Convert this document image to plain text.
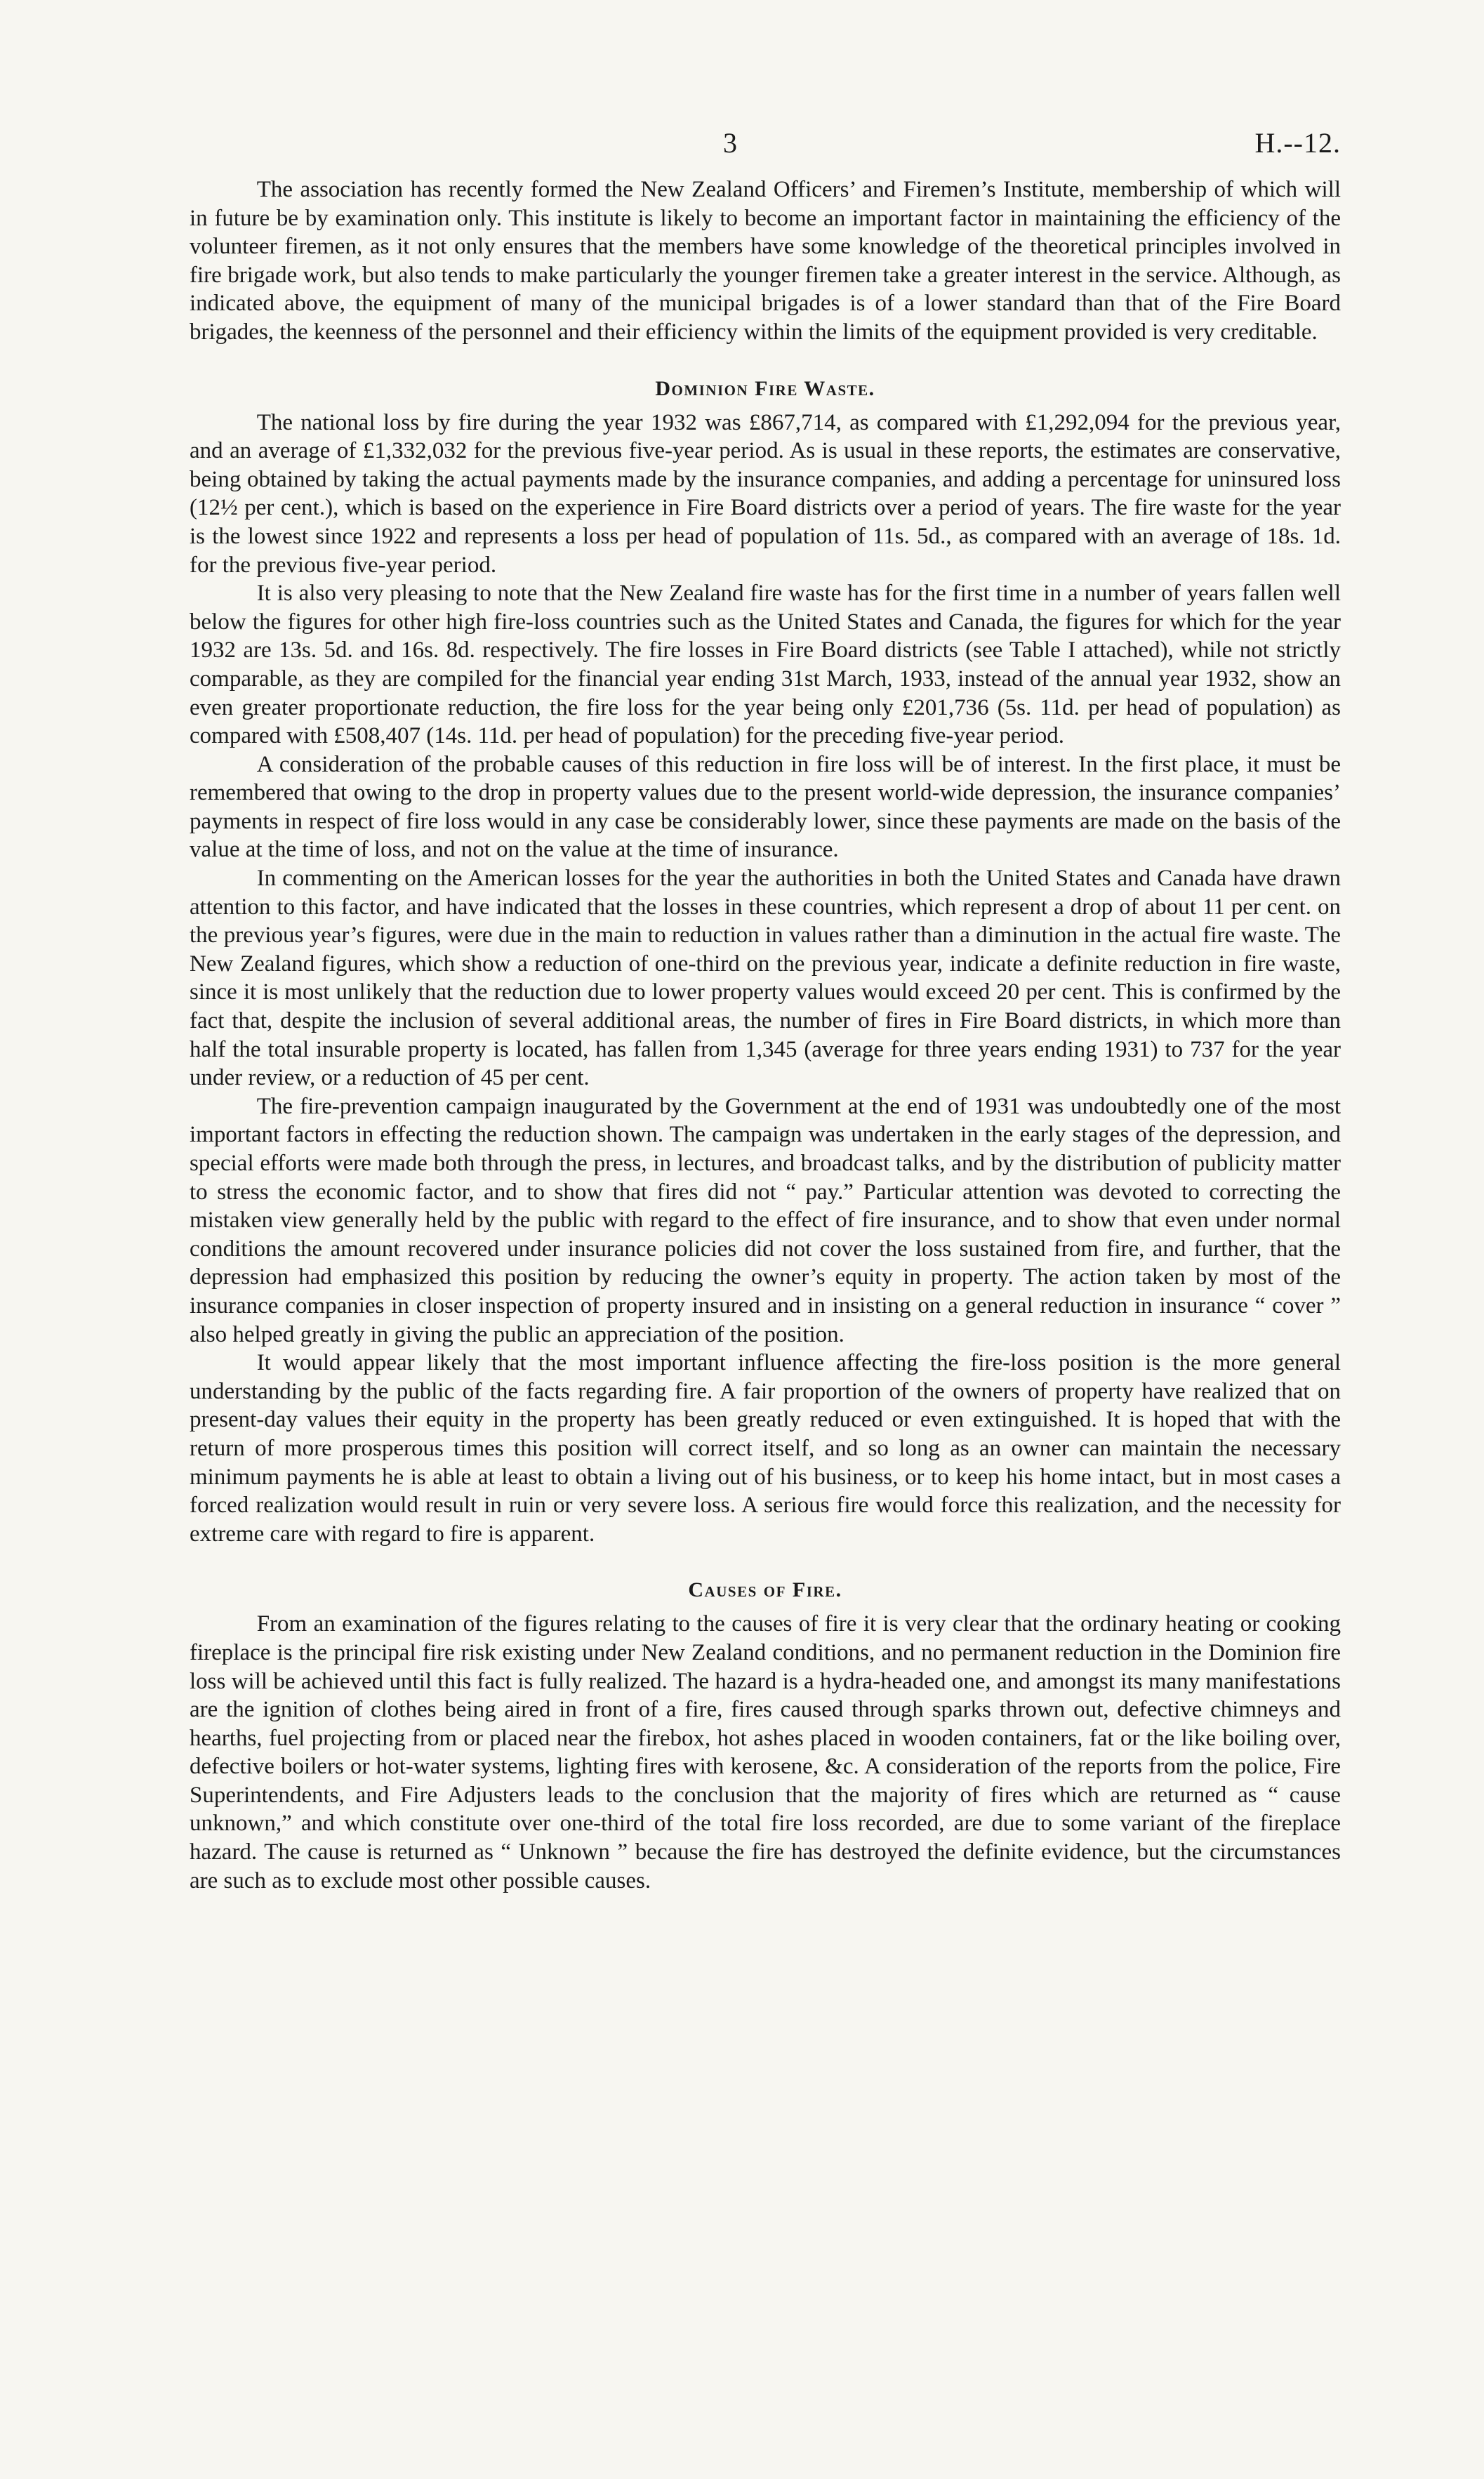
3	H.--12.

The association has recently formed the New Zealand Officers’ and Firemen’s Institute, membership of which will in future be by examination only. This institute is likely to become an important factor in maintaining the efficiency of the volunteer firemen, as it not only ensures that the members have some knowledge of the theoretical principles involved in fire brigade work, but also tends to make particularly the younger firemen take a greater interest in the service. Although, as indicated above, the equipment of many of the municipal brigades is of a lower standard than that of the Fire Board brigades, the keenness of the personnel and their efficiency within the limits of the equipment provided is very creditable.

Dominion Fire Waste.

The national loss by fire during the year 1932 was £867,714, as compared with £1,292,094 for the previous year, and an average of £1,332,032 for the previous five-year period. As is usual in these reports, the estimates are conservative, being obtained by taking the actual payments made by the insurance companies, and adding a percentage for uninsured loss (12½ per cent.), which is based on the experience in Fire Board districts over a period of years. The fire waste for the year is the lowest since 1922 and represents a loss per head of population of 11s. 5d., as compared with an average of 18s. 1d. for the previous five-year period.

It is also very pleasing to note that the New Zealand fire waste has for the first time in a number of years fallen well below the figures for other high fire-loss countries such as the United States and Canada, the figures for which for the year 1932 are 13s. 5d. and 16s. 8d. respectively. The fire losses in Fire Board districts (see Table I attached), while not strictly comparable, as they are compiled for the financial year ending 31st March, 1933, instead of the annual year 1932, show an even greater proportionate reduction, the fire loss for the year being only £201,736 (5s. 11d. per head of population) as compared with £508,407 (14s. 11d. per head of population) for the preceding five-year period.

A consideration of the probable causes of this reduction in fire loss will be of interest. In the first place, it must be remembered that owing to the drop in property values due to the present world-wide depression, the insurance companies’ payments in respect of fire loss would in any case be considerably lower, since these payments are made on the basis of the value at the time of loss, and not on the value at the time of insurance.

In commenting on the American losses for the year the authorities in both the United States and Canada have drawn attention to this factor, and have indicated that the losses in these countries, which represent a drop of about 11 per cent. on the previous year’s figures, were due in the main to reduction in values rather than a diminution in the actual fire waste. The New Zealand figures, which show a reduction of one-third on the previous year, indicate a definite reduction in fire waste, since it is most unlikely that the reduction due to lower property values would exceed 20 per cent. This is confirmed by the fact that, despite the inclusion of several additional areas, the number of fires in Fire Board districts, in which more than half the total insurable property is located, has fallen from 1,345 (average for three years ending 1931) to 737 for the year under review, or a reduction of 45 per cent.

The fire-prevention campaign inaugurated by the Government at the end of 1931 was undoubtedly one of the most important factors in effecting the reduction shown. The campaign was undertaken in the early stages of the depression, and special efforts were made both through the press, in lectures, and broadcast talks, and by the distribution of publicity matter to stress the economic factor, and to show that fires did not “ pay.” Particular attention was devoted to correcting the mistaken view generally held by the public with regard to the effect of fire insurance, and to show that even under normal conditions the amount recovered under insurance policies did not cover the loss sustained from fire, and further, that the depression had emphasized this position by reducing the owner’s equity in property. The action taken by most of the insurance companies in closer inspection of property insured and in insisting on a general reduction in insurance “ cover ” also helped greatly in giving the public an appreciation of the position.

It would appear likely that the most important influence affecting the fire-loss position is the more general understanding by the public of the facts regarding fire. A fair proportion of the owners of property have realized that on present-day values their equity in the property has been greatly reduced or even extinguished. It is hoped that with the return of more prosperous times this position will correct itself, and so long as an owner can maintain the necessary minimum payments he is able at least to obtain a living out of his business, or to keep his home intact, but in most cases a forced realization would result in ruin or very severe loss. A serious fire would force this realization, and the necessity for extreme care with regard to fire is apparent.

Causes of Fire.

From an examination of the figures relating to the causes of fire it is very clear that the ordinary heating or cooking fireplace is the principal fire risk existing under New Zealand conditions, and no permanent reduction in the Dominion fire loss will be achieved until this fact is fully realized. The hazard is a hydra-headed one, and amongst its many manifestations are the ignition of clothes being aired in front of a fire, fires caused through sparks thrown out, defective chimneys and hearths, fuel projecting from or placed near the firebox, hot ashes placed in wooden containers, fat or the like boiling over, defective boilers or hot-water systems, lighting fires with kerosene, &c. A consideration of the reports from the police, Fire Superintendents, and Fire Adjusters leads to the conclusion that the majority of fires which are returned as “ cause unknown,” and which constitute over one-third of the total fire loss recorded, are due to some variant of the fireplace hazard. The cause is returned as “ Unknown ” because the fire has destroyed the definite evidence, but the circumstances are such as to exclude most other possible causes.
